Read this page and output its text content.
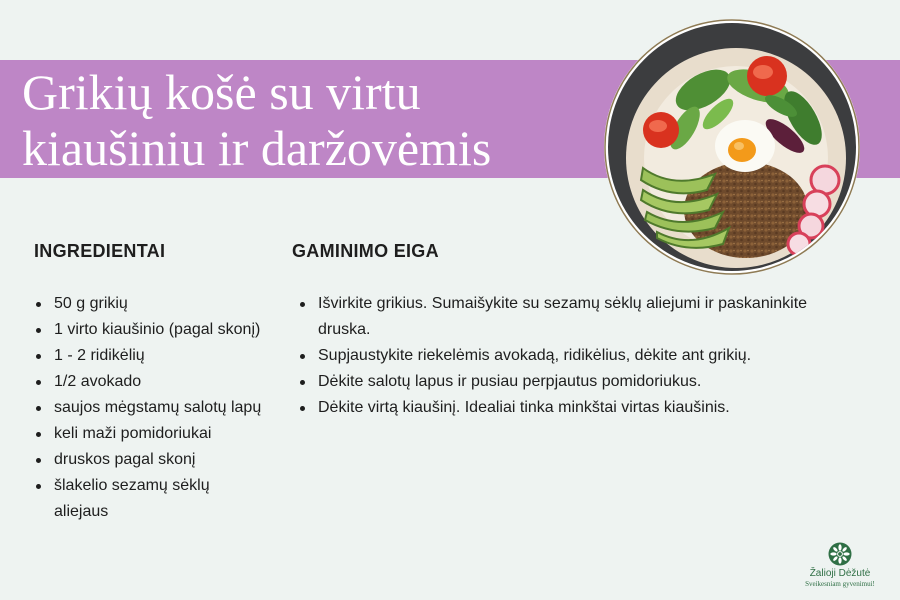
Grikių košė su virtu
kiaušiniu ir daržovėmis
INGREDIENTAI
50 g grikių
1 virto kiaušinio (pagal skonį)
1 - 2 ridikėlių
1/2 avokado
saujos mėgstamų salotų lapų
keli maži pomidoriukai
druskos pagal skonį
šlakelio sezamų sėklų aliejaus
GAMINIMO EIGA
Išvirkite grikius. Sumaišykite su sezamų sėklų aliejumi ir paskaninkite druska.
Supjaustykite riekelėmis avokadą, ridikėlius, dėkite ant grikių.
Dėkite salotų lapus ir pusiau perpjautus pomidoriukus.
Dėkite virtą kiaušinį. Idealiai tinka minkštai virtas kiaušinis.
Žalioji Dėžutė
Sveikesniam gyvenimui!
